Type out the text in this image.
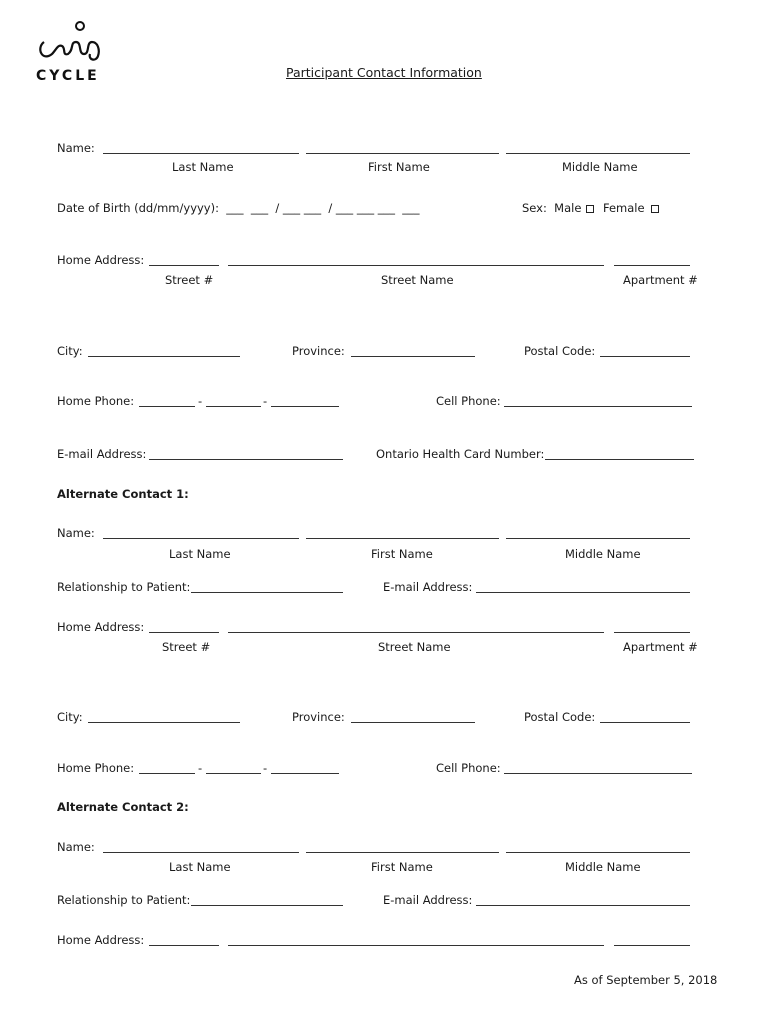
CYCLE	Participant Contact Information
Name:
Last Name	First Name	Middle Name
Date of Birth (dd/mm/yyyy):  ___  ___  / ___ ___  / ___ ___ ___  ___	Sex:  Male Female
Home Address:
Street #	Street Name	Apartment #
City:	Province:	Postal Code:
Home Phone:	-	-	Cell Phone:
E-mail Address:	Ontario Health Card Number:
Alternate Contact 1:
Name:
Last Name	First Name	Middle Name
Relationship to Patient:	E-mail Address:
Home Address:
Street #	Street Name	Apartment #
City:	Province:	Postal Code:
Home Phone:	-	-	Cell Phone:
Alternate Contact 2:
Name:
Last Name	First Name	Middle Name
Relationship to Patient:	E-mail Address:
Home Address:
As of September 5, 2018
